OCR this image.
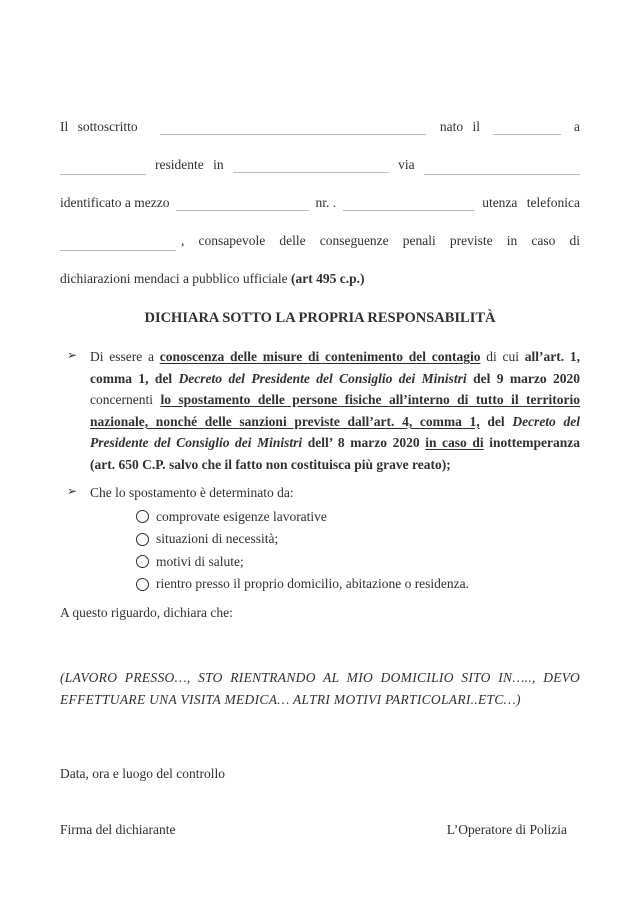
Il sottoscritto	nato il	a
residente in	via
identificato a mezzo	nr. .	utenza telefonica
, consapevole delle conseguenze penali previste in caso di
dichiarazioni mendaci a pubblico ufficiale (art 495 c.p.)
DICHIARA SOTTO LA PROPRIA RESPONSABILITÀ
➢ Di essere a conoscenza delle misure di contenimento del contagio di cui all’art. 1, comma 1, del Decreto del Presidente del Consiglio dei Ministri del 9 marzo 2020 concernenti lo spostamento delle persone fisiche all’interno di tutto il territorio nazionale, nonché delle sanzioni previste dall’art. 4, comma 1, del Decreto del Presidente del Consiglio dei Ministri dell’ 8 marzo 2020 in caso di inottemperanza (art. 650 C.P. salvo che il fatto non costituisca più grave reato);

➢ Che lo spostamento è determinato da:

comprovate esigenze lavorative
situazioni di necessità;
motivi di salute;
rientro presso il proprio domicilio, abitazione o residenza.
A questo riguardo, dichiara che:
(LAVORO PRESSO…, STO RIENTRANDO AL MIO DOMICILIO SITO IN….., DEVO EFFETTUARE UNA VISITA MEDICA… ALTRI MOTIVI PARTICOLARI..ETC…)
Data, ora e luogo del controllo
Firma del dichiarante	L’Operatore di Polizia
